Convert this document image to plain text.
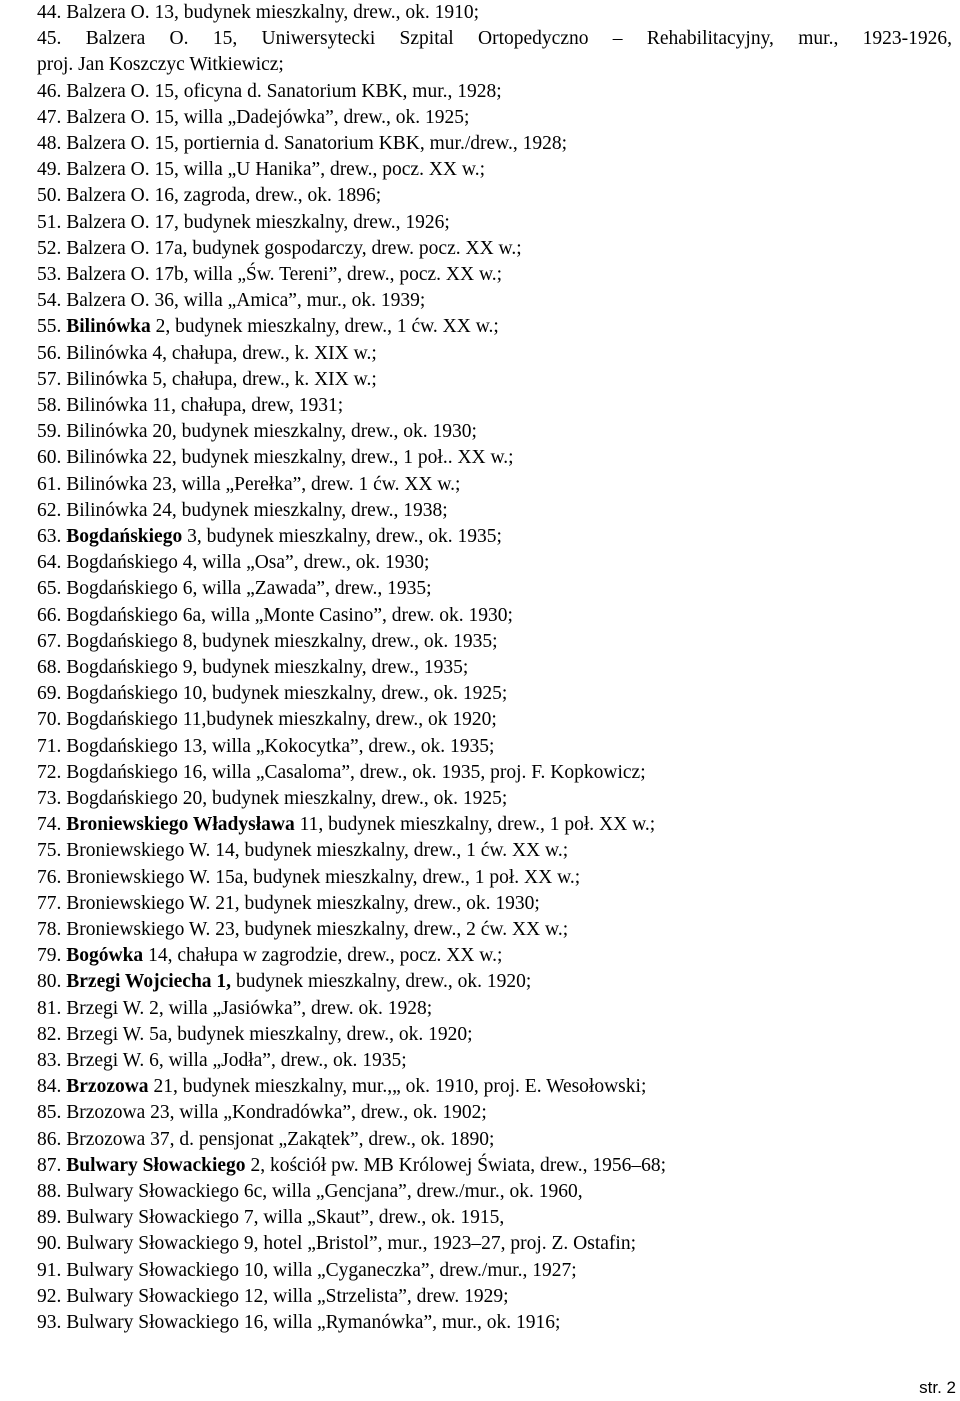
44. Balzera O. 13, budynek mieszkalny, drew., ok. 1910;
45. Balzera O. 15, Uniwersytecki Szpital Ortopedyczno – Rehabilitacyjny, mur., 1923-1926,
proj. Jan Koszczyc Witkiewicz;
46. Balzera O. 15, oficyna d. Sanatorium KBK, mur., 1928;
47. Balzera O. 15, willa „Dadejówka”, drew., ok. 1925;
48. Balzera O. 15, portiernia d. Sanatorium KBK, mur./drew., 1928;
49. Balzera O. 15, willa „U Hanika”, drew., pocz. XX w.;
50. Balzera O. 16, zagroda, drew., ok. 1896;
51. Balzera O. 17, budynek mieszkalny, drew., 1926;
52. Balzera O. 17a, budynek gospodarczy, drew. pocz. XX w.;
53. Balzera O. 17b, willa „Św. Tereni”, drew., pocz. XX w.;
54. Balzera O. 36, willa „Amica”, mur., ok. 1939;
55. Bilinówka 2, budynek mieszkalny, drew., 1 ćw. XX w.;
56. Bilinówka 4, chałupa, drew., k. XIX w.;
57. Bilinówka 5, chałupa, drew., k. XIX w.;
58. Bilinówka 11, chałupa, drew, 1931;
59. Bilinówka 20, budynek mieszkalny, drew., ok. 1930;
60. Bilinówka 22, budynek mieszkalny, drew., 1 poł.. XX w.;
61. Bilinówka 23, willa „Perełka”, drew. 1 ćw. XX w.;
62. Bilinówka 24, budynek mieszkalny, drew., 1938;
63. Bogdańskiego 3, budynek mieszkalny, drew., ok. 1935;
64. Bogdańskiego 4, willa „Osa”, drew., ok. 1930;
65. Bogdańskiego 6, willa „Zawada”, drew., 1935;
66. Bogdańskiego 6a, willa „Monte Casino”, drew. ok. 1930;
67. Bogdańskiego 8, budynek mieszkalny, drew., ok. 1935;
68. Bogdańskiego 9, budynek mieszkalny, drew., 1935;
69. Bogdańskiego 10, budynek mieszkalny, drew., ok. 1925;
70. Bogdańskiego 11,budynek mieszkalny, drew., ok 1920;
71. Bogdańskiego 13, willa „Kokocytka”, drew., ok. 1935;
72. Bogdańskiego 16, willa „Casaloma”, drew., ok. 1935, proj. F. Kopkowicz;
73. Bogdańskiego 20, budynek mieszkalny, drew., ok. 1925;
74. Broniewskiego Władysława 11, budynek mieszkalny, drew., 1 poł. XX w.;
75. Broniewskiego W. 14, budynek mieszkalny, drew., 1 ćw. XX w.;
76. Broniewskiego W. 15a, budynek mieszkalny, drew., 1 poł. XX w.;
77. Broniewskiego W. 21, budynek mieszkalny, drew., ok. 1930;
78. Broniewskiego W. 23, budynek mieszkalny, drew., 2 ćw. XX w.;
79. Bogówka 14, chałupa w zagrodzie, drew., pocz. XX w.;
80. Brzegi Wojciecha 1, budynek mieszkalny, drew., ok. 1920;
81. Brzegi W. 2, willa „Jasiówka”, drew. ok. 1928;
82. Brzegi W. 5a, budynek mieszkalny, drew., ok. 1920;
83. Brzegi W. 6, willa „Jodła”, drew., ok. 1935;
84. Brzozowa 21, budynek mieszkalny, mur.,„ ok. 1910, proj. E. Wesołowski;
85. Brzozowa 23, willa „Kondradówka”, drew., ok. 1902;
86. Brzozowa 37, d. pensjonat „Zakątek”, drew., ok. 1890;
87. Bulwary Słowackiego 2, kościół pw. MB Królowej Świata, drew., 1956–68;
88. Bulwary Słowackiego 6c, willa „Gencjana”, drew./mur., ok. 1960,
89. Bulwary Słowackiego 7, willa „Skaut”, drew., ok. 1915,
90. Bulwary Słowackiego 9, hotel „Bristol”, mur., 1923–27, proj. Z. Ostafin;
91. Bulwary Słowackiego 10, willa „Cyganeczka”, drew./mur., 1927;
92. Bulwary Słowackiego 12, willa „Strzelista”, drew. 1929;
93. Bulwary Słowackiego 16, willa „Rymanówka”, mur., ok. 1916;
str. 2
